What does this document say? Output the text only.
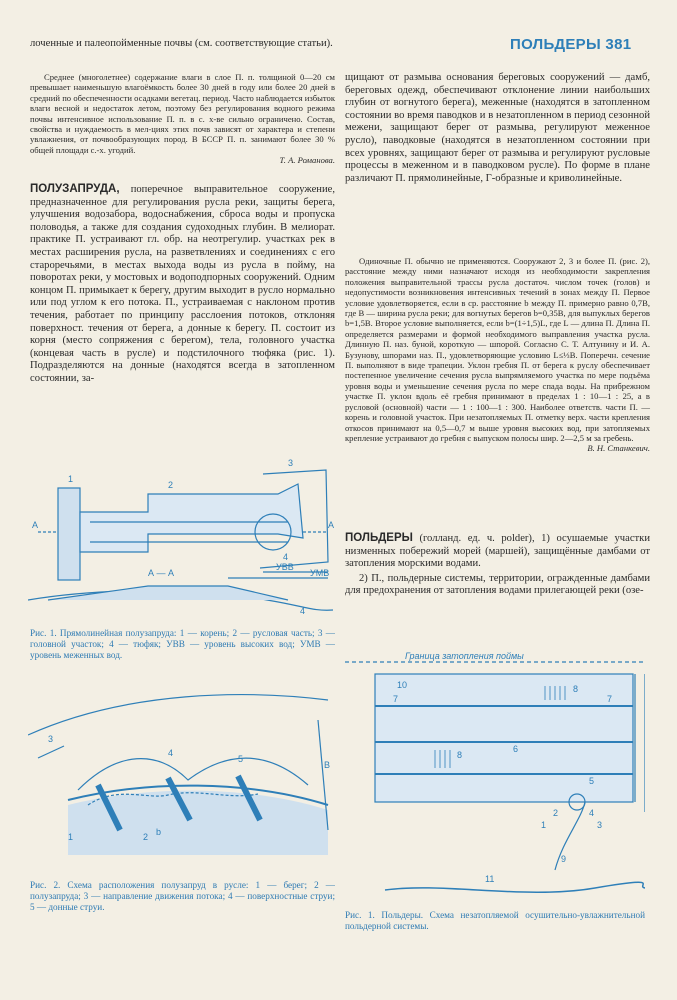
ПОЛЬДЕРЫ 381

лоченные и палеопойменные почвы (см. соответствующие статьи).

Среднее (многолетнее) содержание влаги в слое П. п. толщиной 0—20 см превышает наименьшую влагоёмкость более 30 дней в году или более 20 дней в средний по обеспеченности осадками вегетац. период. Часто наблюдается избыток влаги весной и недостаток летом, поэтому без регулирования водного режима почвы интенсивное использование П. п. в с. х-ве сильно ограничено. Состав, свойства и нуждаемость в мел-циях этих почв зависят от характера и степени увлажнения, от почвообразующих пород. В БССР П. п. занимают более 30 % общей площади с.-х. угодий.

Т. А. Романова.

ПОЛУЗАПРУДА, поперечное выправительное сооружение, предназначенное для регулирования русла реки, защиты берега, улучшения водозабора, водоснабжения, сброса воды и пропуска половодья, а также для создания судоходных глубин. В мелиорат. практике П. устраивают гл. обр. на неотрегулир. участках рек в местах расширения русла, на разветвлениях и соединениях с его староречьями, в местах выхода воды из русла в пойму, на поворотах реки, у мостовых и водоподпорных сооружений. Одним концом П. примыкает к берегу, другим выходит в русло нормально или под углом к его потока. П., устраиваемая с наклоном против течения, работает по принципу расслоения потоков, отклоняя поверхност. течения от берега, а донные к берегу. П. состоит из корня (место сопряжения с берегом), тела, головного участка (концевая часть в русле) и подстилочного тюфяка (рис. 1). Подразделяются на донные (находятся всегда в затопленном состоянии, за-

1
2
3
4
A	A
А — А
УВВ
УМВ
4
Рис. 1. Прямолинейная полузапруда: 1 — корень; 2 — русловая часть; 3 — головной участок; 4 — тюфяк; УВВ — уровень высоких вод; УМВ — уровень меженных вод.
3
4
5
1	2
B
b
Рис. 2. Схема расположения полузапруд в русле: 1 — берег; 2 — полузапруда; 3 — направление движения потока; 4 — поверхностные струи; 5 — донные струи.

щищают от размыва основания береговых сооружений — дамб, береговых одежд, обеспечивают отклонение линии наибольших глубин от вогнутого берега), меженные (находятся в затопленном состоянии во время паводков и в незатопленном в период сезонной межени, защищают берег от размыва, регулируют меженное русло), паводковые (находятся в незатопленном состоянии при всех уровнях, защищают берег от размыва и регулируют русловые процессы в меженном и в паводковом русле). По форме в плане различают П. прямолинейные, Г-образные и криволинейные.

Одиночные П. обычно не применяются. Сооружают 2, 3 и более П. (рис. 2), расстояние между ними назначают исходя из необходимости закрепления положения выправительной трассы русла достаточ. числом точек (голов) и недопустимости возникновения интенсивных течений в зонах между П. Первое условие удовлетворяется, если в ср. расстояние b между П. примерно равно 0,7B, где B — ширина русла реки; для вогнутых берегов b=0,35B, для выпуклых берегов b=1,5B. Второе условие выполняется, если b=(1÷1,5)L, где L — длина П. Длина П. определяется размерами и формой необходимого выправления участка русла. Длинную П. наз. буной, короткую — шпорой. Согласно С. Т. Алтунину и И. А. Бузунову, шпорами наз. П., удовлетворяющие условию L≤⅓B. Поперечн. сечение П. выполняют в виде трапеции. Уклон гребня П. от берега к руслу обеспечивает постепенное увеличение сечения русла выпрямляемого участка по мере подъёма уровня воды и уменьшение сечения русла по мере спада воды. На прибрежном участке П. уклон вдоль её гребня принимают в пределах 1 : 10—1 : 25, а в русловой (основной) части — 1 : 100—1 : 300. Наиболее ответств. части П. — корень и головной участок. При незатопляемых П. отметку верх. части крепления откосов принимают на 0,5—0,7 м выше уровня высоких вод, при затопляемых крепление устраивают до гребня с выпуском полосы шир. 2—2,5 м за гребень.

В. Н. Станкевич.

ПОЛЬДЕРЫ (голланд. ед. ч. polder), 1) осушаемые участки низменных побережий морей (маршей), защищённые дамбами от затопления морскими водами.

2) П., польдерные системы, территории, огражденные дамбами для предохранения от затопления водами прилегающей реки (озе-

Граница затопления поймы
10
7
8
7
8
6
5
4
1
2
3
9
11
Рис. 1. Польдеры. Схема незатопляемой осушительно-увлажнительной польдерной системы.
